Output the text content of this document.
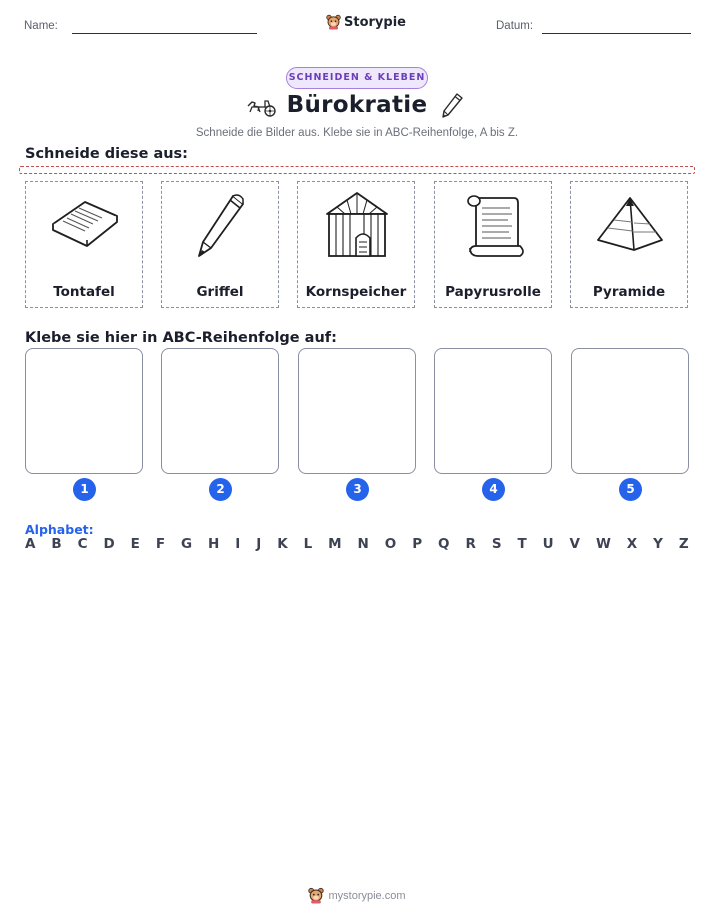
Name:	Storypie	Datum:
SCHNEIDEN & KLEBEN
Bürokratie
Schneide die Bilder aus. Klebe sie in ABC-Reihenfolge, A bis Z.
Schneide diese aus:
Tontafel	Griffel	Kornspeicher	Papyrusrolle	Pyramide
Klebe sie hier in ABC-Reihenfolge auf:
1	2	3	4	5
Alphabet:
A B C D E F G H I J K L M N O P Q R S T U V W X Y Z
mystorypie.com
